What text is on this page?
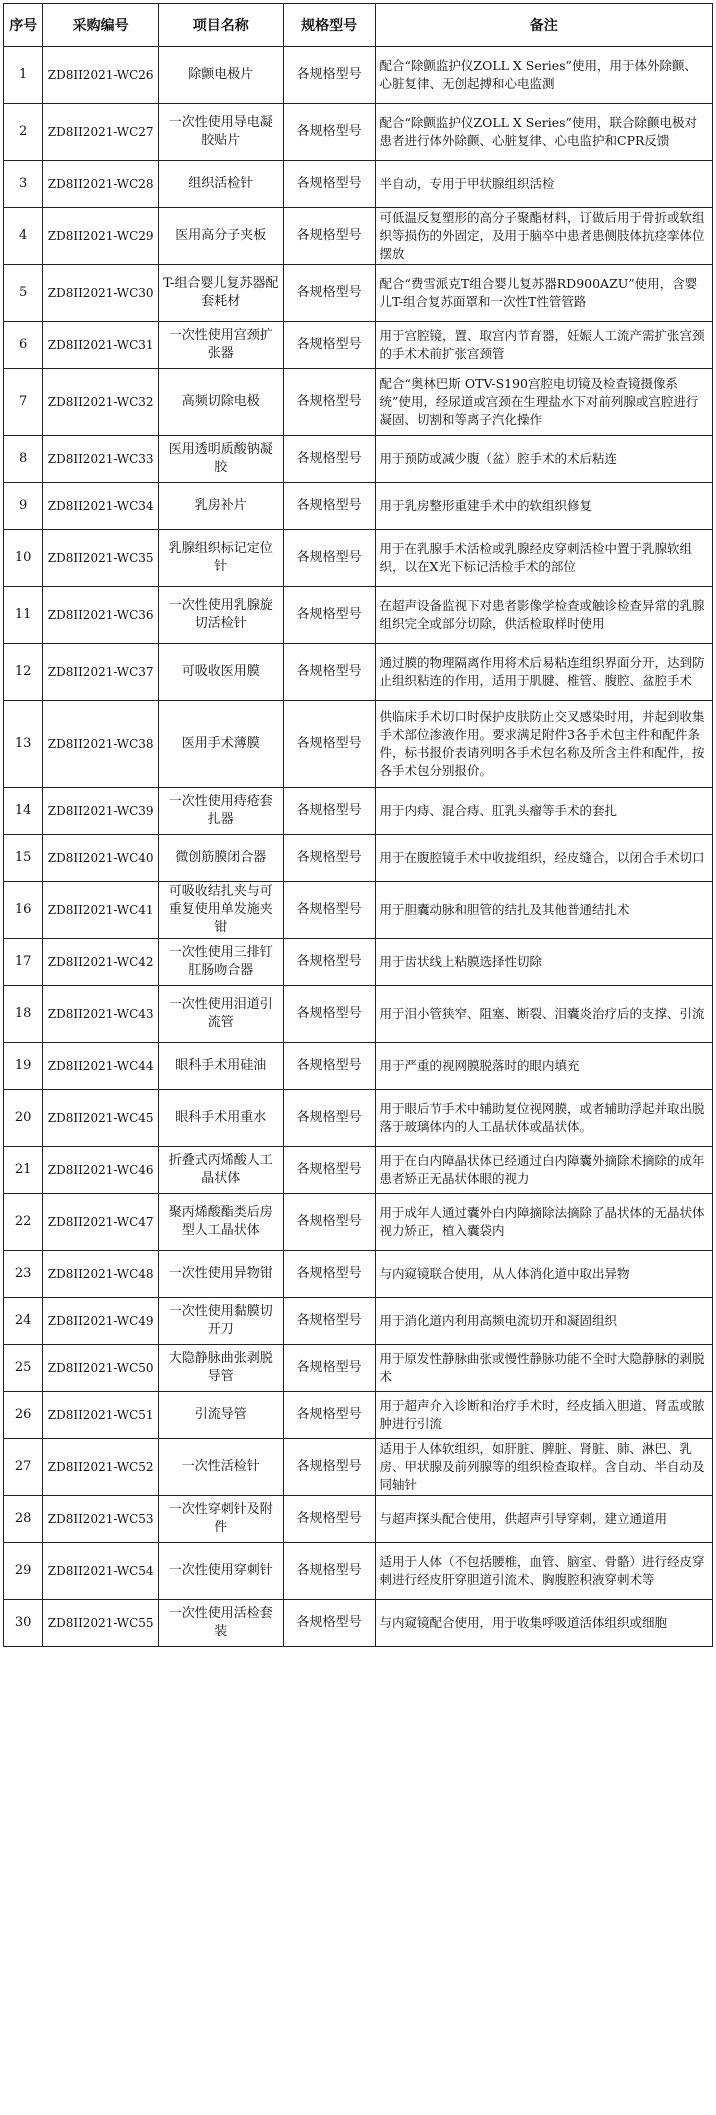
序号	采购编号	项目名称	规格型号	备注
1	ZD8II2021-WC26	除颤电极片	各规格型号	配合“除颤监护仪ZOLL X Series”使用，用于体外除颤、心脏复律、无创起搏和心电监测
2	ZD8II2021-WC27	一次性使用导电凝胶贴片	各规格型号	配合“除颤监护仪ZOLL X Series”使用，联合除颤电极对患者进行体外除颤、心脏复律、心电监护和CPR反馈
3	ZD8II2021-WC28	组织活检针	各规格型号	半自动，专用于甲状腺组织活检
4	ZD8II2021-WC29	医用高分子夹板	各规格型号	可低温反复塑形的高分子聚酯材料，订做后用于骨折或软组织等损伤的外固定，及用于脑卒中患者患侧肢体抗痉挛体位摆放
5	ZD8II2021-WC30	T-组合婴儿复苏器配套耗材	各规格型号	配合“费雪派克T组合婴儿复苏器RD900AZU”使用，含婴儿T-组合复苏面罩和一次性T性管管路
6	ZD8II2021-WC31	一次性使用宫颈扩张器	各规格型号	用于宫腔镜，置、取宫内节育器，妊娠人工流产需扩张宫颈的手术术前扩张宫颈管
7	ZD8II2021-WC32	高频切除电极	各规格型号	配合“奥林巴斯 OTV-S190宫腔电切镜及检查镜摄像系统”使用，经尿道或宫颈在生理盐水下对前列腺或宫腔进行凝固、切割和等离子汽化操作
8	ZD8II2021-WC33	医用透明质酸钠凝胶	各规格型号	用于预防或减少腹（盆）腔手术的术后粘连
9	ZD8II2021-WC34	乳房补片	各规格型号	用于乳房整形重建手术中的软组织修复
10	ZD8II2021-WC35	乳腺组织标记定位针	各规格型号	用于在乳腺手术活检或乳腺经皮穿刺活检中置于乳腺软组织，以在X光下标记活检手术的部位
11	ZD8II2021-WC36	一次性使用乳腺旋切活检针	各规格型号	在超声设备监视下对患者影像学检查或触诊检查异常的乳腺组织完全或部分切除，供活检取样时使用
12	ZD8II2021-WC37	可吸收医用膜	各规格型号	通过膜的物理隔离作用将术后易粘连组织界面分开，达到防止组织粘连的作用，适用于肌腱、椎管、腹腔、盆腔手术
13	ZD8II2021-WC38	医用手术薄膜	各规格型号	供临床手术切口时保护皮肤防止交叉感染时用，并起到收集手术部位渗液作用。要求满足附件3各手术包主件和配件条件，标书报价表请列明各手术包名称及所含主件和配件，按各手术包分别报价。
14	ZD8II2021-WC39	一次性使用痔疮套扎器	各规格型号	用于内痔、混合痔、肛乳头瘤等手术的套扎
15	ZD8II2021-WC40	微创筋膜闭合器	各规格型号	用于在腹腔镜手术中收拢组织，经皮缝合，以闭合手术切口
16	ZD8II2021-WC41	可吸收结扎夹与可重复使用单发施夹钳	各规格型号	用于胆囊动脉和胆管的结扎及其他普通结扎术
17	ZD8II2021-WC42	一次性使用三排钉肛肠吻合器	各规格型号	用于齿状线上粘膜选择性切除
18	ZD8II2021-WC43	一次性使用泪道引流管	各规格型号	用于泪小管狭窄、阻塞、断裂、泪囊炎治疗后的支撑、引流
19	ZD8II2021-WC44	眼科手术用硅油	各规格型号	用于严重的视网膜脱落时的眼内填充
20	ZD8II2021-WC45	眼科手术用重水	各规格型号	用于眼后节手术中辅助复位视网膜，或者辅助浮起并取出脱落于玻璃体内的人工晶状体或晶状体。
21	ZD8II2021-WC46	折叠式丙烯酸人工晶状体	各规格型号	用于在白内障晶状体已经通过白内障囊外摘除术摘除的成年患者矫正无晶状体眼的视力
22	ZD8II2021-WC47	聚丙烯酸酯类后房型人工晶状体	各规格型号	用于成年人通过囊外白内障摘除法摘除了晶状体的无晶状体视力矫正，植入囊袋内
23	ZD8II2021-WC48	一次性使用异物钳	各规格型号	与内窥镜联合使用，从人体消化道中取出异物
24	ZD8II2021-WC49	一次性使用黏膜切开刀	各规格型号	用于消化道内利用高频电流切开和凝固组织
25	ZD8II2021-WC50	大隐静脉曲张剥脱导管	各规格型号	用于原发性静脉曲张或慢性静脉功能不全时大隐静脉的剥脱术
26	ZD8II2021-WC51	引流导管	各规格型号	用于超声介入诊断和治疗手术时，经皮插入胆道、肾盂或脓肿进行引流
27	ZD8II2021-WC52	一次性活检针	各规格型号	适用于人体软组织，如肝脏、脾脏、肾脏、肺、淋巴、乳房、甲状腺及前列腺等的组织检查取样。含自动、半自动及同轴针
28	ZD8II2021-WC53	一次性穿刺针及附件	各规格型号	与超声探头配合使用，供超声引导穿刺，建立通道用
29	ZD8II2021-WC54	一次性使用穿刺针	各规格型号	适用于人体（不包括腰椎，血管、脑室、骨骼）进行经皮穿刺进行经皮肝穿胆道引流术、胸腹腔积液穿刺术等
30	ZD8II2021-WC55	一次性使用活检套装	各规格型号	与内窥镜配合使用，用于收集呼吸道活体组织或细胞
